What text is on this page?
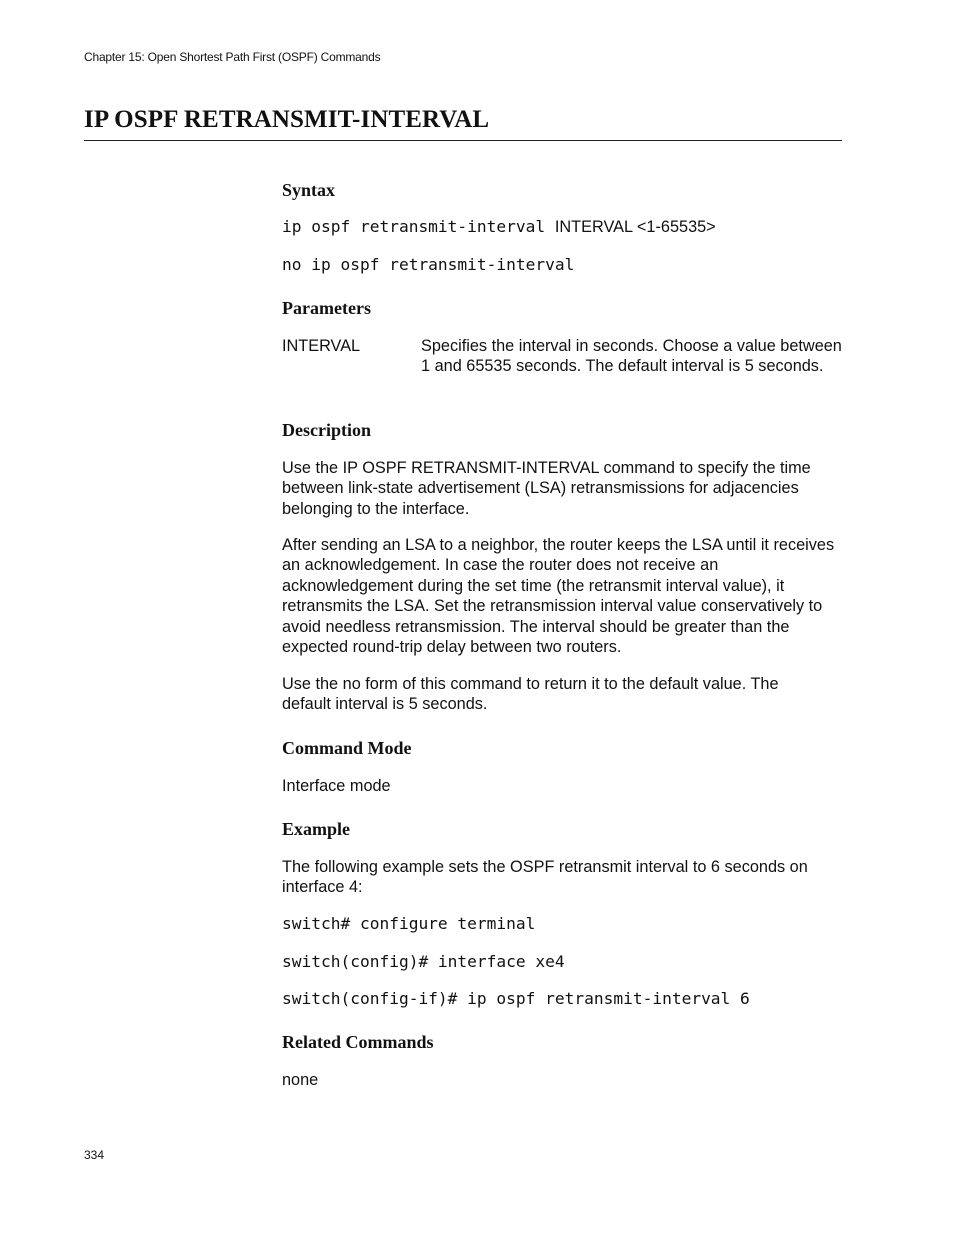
Chapter 15: Open Shortest Path First (OSPF) Commands
IP OSPF RETRANSMIT-INTERVAL
Syntax
ip ospf retransmit-interval INTERVAL <1-65535>
no ip ospf retransmit-interval
Parameters
INTERVAL	Specifies the interval in seconds. Choose a value between 1 and 65535 seconds. The default interval is 5 seconds.
Description
Use the IP OSPF RETRANSMIT-INTERVAL command to specify the time between link-state advertisement (LSA) retransmissions for adjacencies belonging to the interface.
After sending an LSA to a neighbor, the router keeps the LSA until it receives an acknowledgement. In case the router does not receive an acknowledgement during the set time (the retransmit interval value), it retransmits the LSA. Set the retransmission interval value conservatively to avoid needless retransmission. The interval should be greater than the expected round-trip delay between two routers.
Use the no form of this command to return it to the default value. The default interval is 5 seconds.
Command Mode
Interface mode
Example
The following example sets the OSPF retransmit interval to 6 seconds on interface 4:
switch# configure terminal
switch(config)# interface xe4
switch(config-if)# ip ospf retransmit-interval 6
Related Commands
none
334
